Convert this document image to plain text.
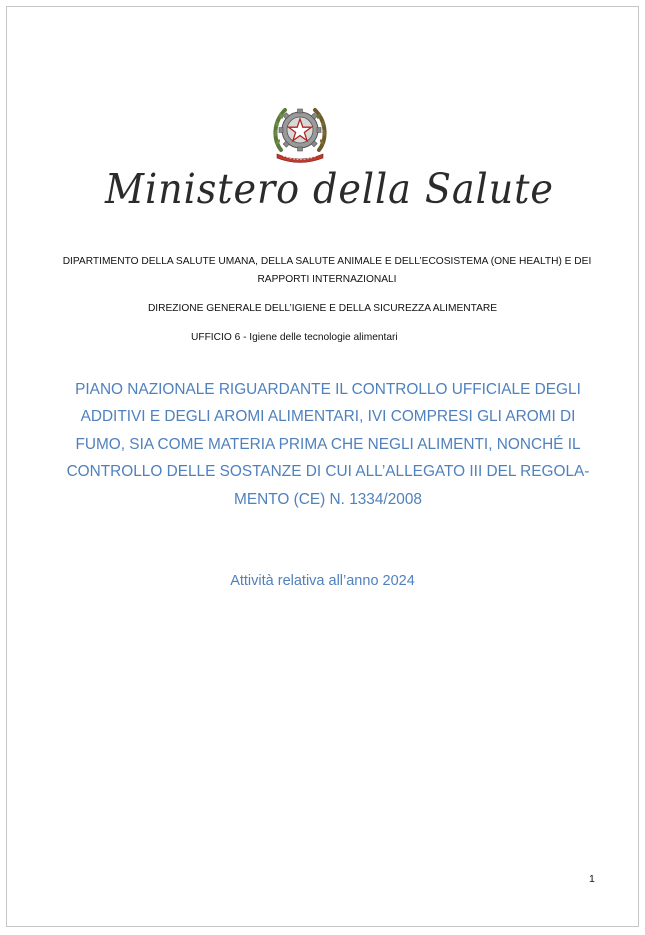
Ministero della Salute
DIPARTIMENTO DELLA SALUTE UMANA, DELLA SALUTE ANIMALE E DELL’ECOSISTEMA (ONE HEALTH) E DEI RAPPORTI INTERNAZIONALI
DIREZIONE GENERALE DELL’IGIENE E DELLA SICUREZZA ALIMENTARE
UFFICIO 6 - Igiene delle tecnologie alimentari
PIANO NAZIONALE RIGUARDANTE IL CONTROLLO UFFICIALE DEGLI
ADDITIVI E DEGLI AROMI ALIMENTARI, IVI COMPRESI GLI AROMI DI
FUMO, SIA COME MATERIA PRIMA CHE NEGLI ALIMENTI, NONCHÉ IL
CONTROLLO DELLE SOSTANZE DI CUI ALL’ALLEGATO III DEL REGOLA-
MENTO (CE) N. 1334/2008
Attività relativa all’anno 2024
1
